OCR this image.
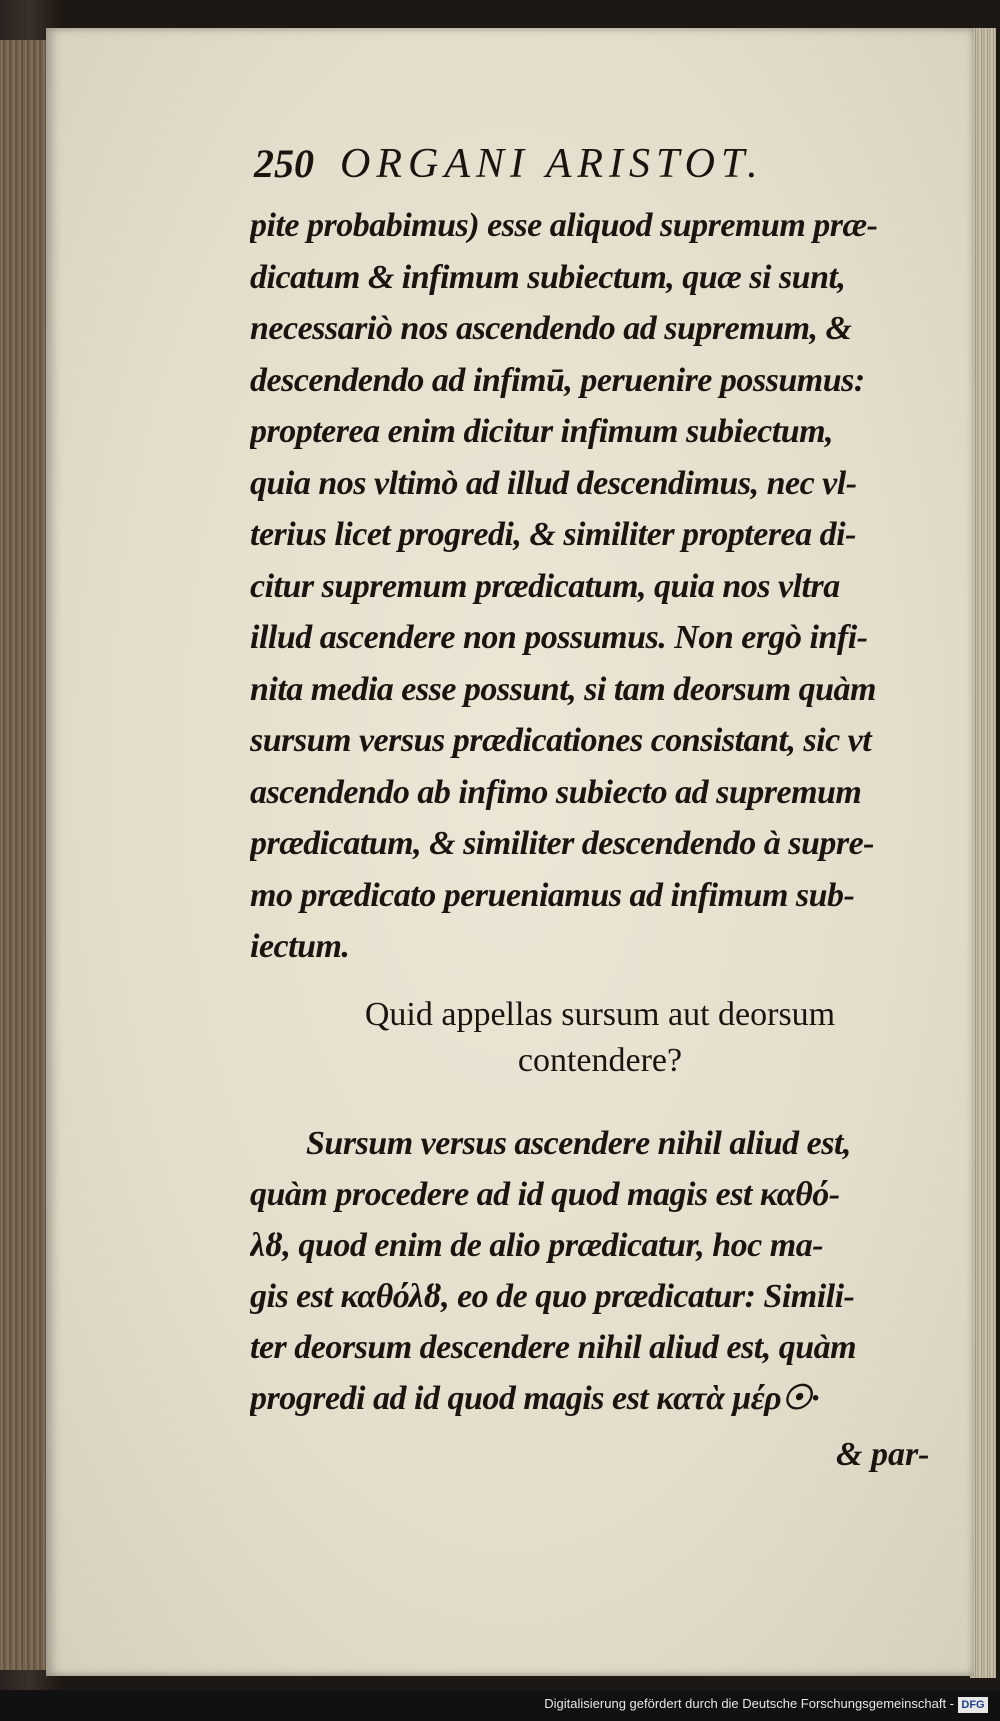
250 ORGANI ARISTOT.
pite probabimus) esse aliquod supremum præ-
dicatum & infimum subiectum, quæ si sunt,
necessariò nos ascendendo ad supremum, &
descendendo ad infimū, peruenire possumus:
propterea enim dicitur infimum subiectum,
quia nos vltimò ad illud descendimus, nec vl-
terius licet progredi, & similiter propterea di-
citur supremum prædicatum, quia nos vltra
illud ascendere non possumus. Non ergò infi-
nita media esse possunt, si tam deorsum quàm
sursum versus prædicationes consistant, sic vt
ascendendo ab infimo subiecto ad supremum
prædicatum, & similiter descendendo à supre-
mo prædicato perueniamus ad infimum sub-
iectum.
Quid appellas sursum aut deorsum
contendere?
Sursum versus ascendere nihil aliud est,
quàm procedere ad id quod magis est καθό-
λȣ, quod enim de alio prædicatur, hoc ma-
gis est καθόλȣ, eo de quo prædicatur: Simili-
ter deorsum descendere nihil aliud est, quàm
progredi ad id quod magis est κατὰ μέρ☉·
& par-
Digitalisierung gefördert durch die Deutsche Forschungsgemeinschaft - DFG
